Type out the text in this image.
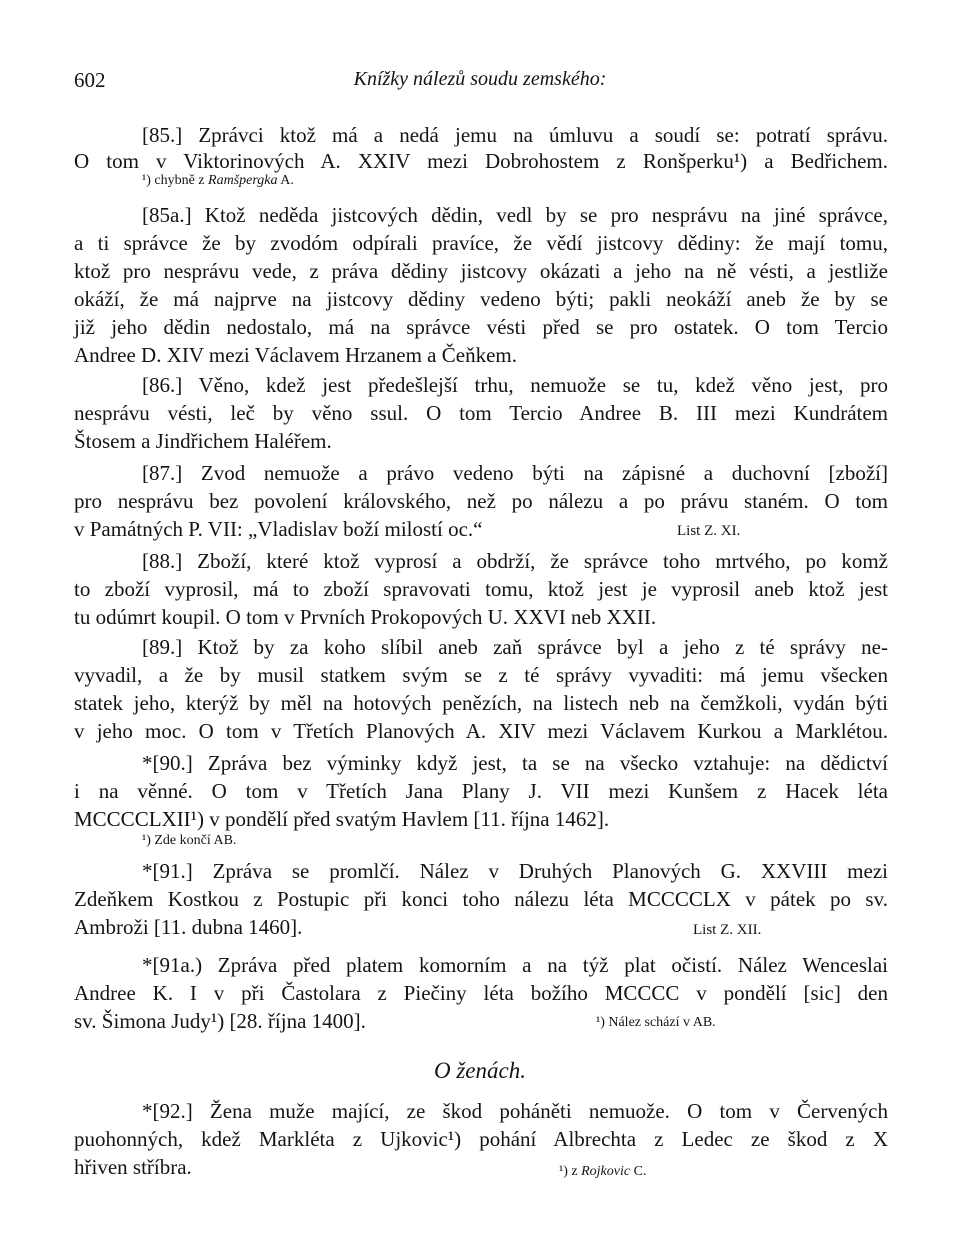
602	Knížky nálezů soudu zemského:
[85.] Zprávci ktož má a nedá jemu na úmluvu a soudí se: potratí správu.
O tom v Viktorinových A. XXIV mezi Dobrohostem z Ronšperku¹) a Bedřichem.
¹) chybně z Ramšpergka A.
[85a.] Ktož neděda jistcových dědin, vedl by se pro nesprávu na jiné správce,
a ti správce že by zvodóm odpírali pravíce, že vědí jistcovy dědiny: že mají tomu,
ktož pro nesprávu vede, z práva dědiny jistcovy okázati a jeho na ně vésti, a jestliže
okáží, že má najprve na jistcovy dědiny vedeno býti; pakli neokáží aneb že by se
již jeho dědin nedostalo, má na správce vésti před se pro ostatek. O tom Tercio
Andree D. XIV mezi Václavem Hrzanem a Čeňkem.
[86.] Věno, kdež jest předešlejší trhu, nemuože se tu, kdež věno jest, pro
nesprávu vésti, leč by věno ssul. O tom Tercio Andree B. III mezi Kundrátem
Štosem a Jindřichem Haléřem.
[87.] Zvod nemuože a právo vedeno býti na zápisné a duchovní [zboží]
pro nesprávu bez povolení královského, než po nálezu a po právu staném. O tom
v Památných P. VII: „Vladislav boží milostí oc.“	List Z. XI.
[88.] Zboží, které ktož vyprosí a obdrží, že správce toho mrtvého, po komž
to zboží vyprosil, má to zboží spravovati tomu, ktož jest je vyprosil aneb ktož jest
tu odúmrt koupil. O tom v Prvních Prokopových U. XXVI neb XXII.
[89.] Ktož by za koho slíbil aneb zaň správce byl a jeho z té správy ne-
vyvadil, a že by musil statkem svým se z té správy vyvaditi: má jemu všecken
statek jeho, kterýž by měl na hotových penězích, na listech neb na čemžkoli, vydán býti
v jeho moc. O tom v Třetích Planových A. XIV mezi Václavem Kurkou a Marklétou.
*[90.] Zpráva bez výminky když jest, ta se na všecko vztahuje: na dědictví
i na věnné. O tom v Třetích Jana Plany J. VII mezi Kunšem z Hacek léta
MCCCCLXII¹) v pondělí před svatým Havlem [11. října 1462].
¹) Zde končí AB.
*[91.] Zpráva se promlčí. Nález v Druhých Planových G. XXVIII mezi
Zdeňkem Kostkou z Postupic při konci toho nálezu léta MCCCCLX v pátek po sv.
Ambroži [11. dubna 1460].	List Z. XII.
*[91a.) Zpráva před platem komorním a na týž plat očistí. Nález Wenceslai
Andree K. I v při Častolara z Piečiny léta božího MCCCC v pondělí [sic] den
sv. Šimona Judy¹) [28. října 1400].	¹) Nález schází v AB.
O ženách.
*[92.] Žena muže mající, ze škod poháněti nemuože. O tom v Červených
puohonných, kdež Markléta z Ujkovic¹) pohání Albrechta z Ledec ze škod z X
hřiven stříbra.	¹) z Rojkovic C.
